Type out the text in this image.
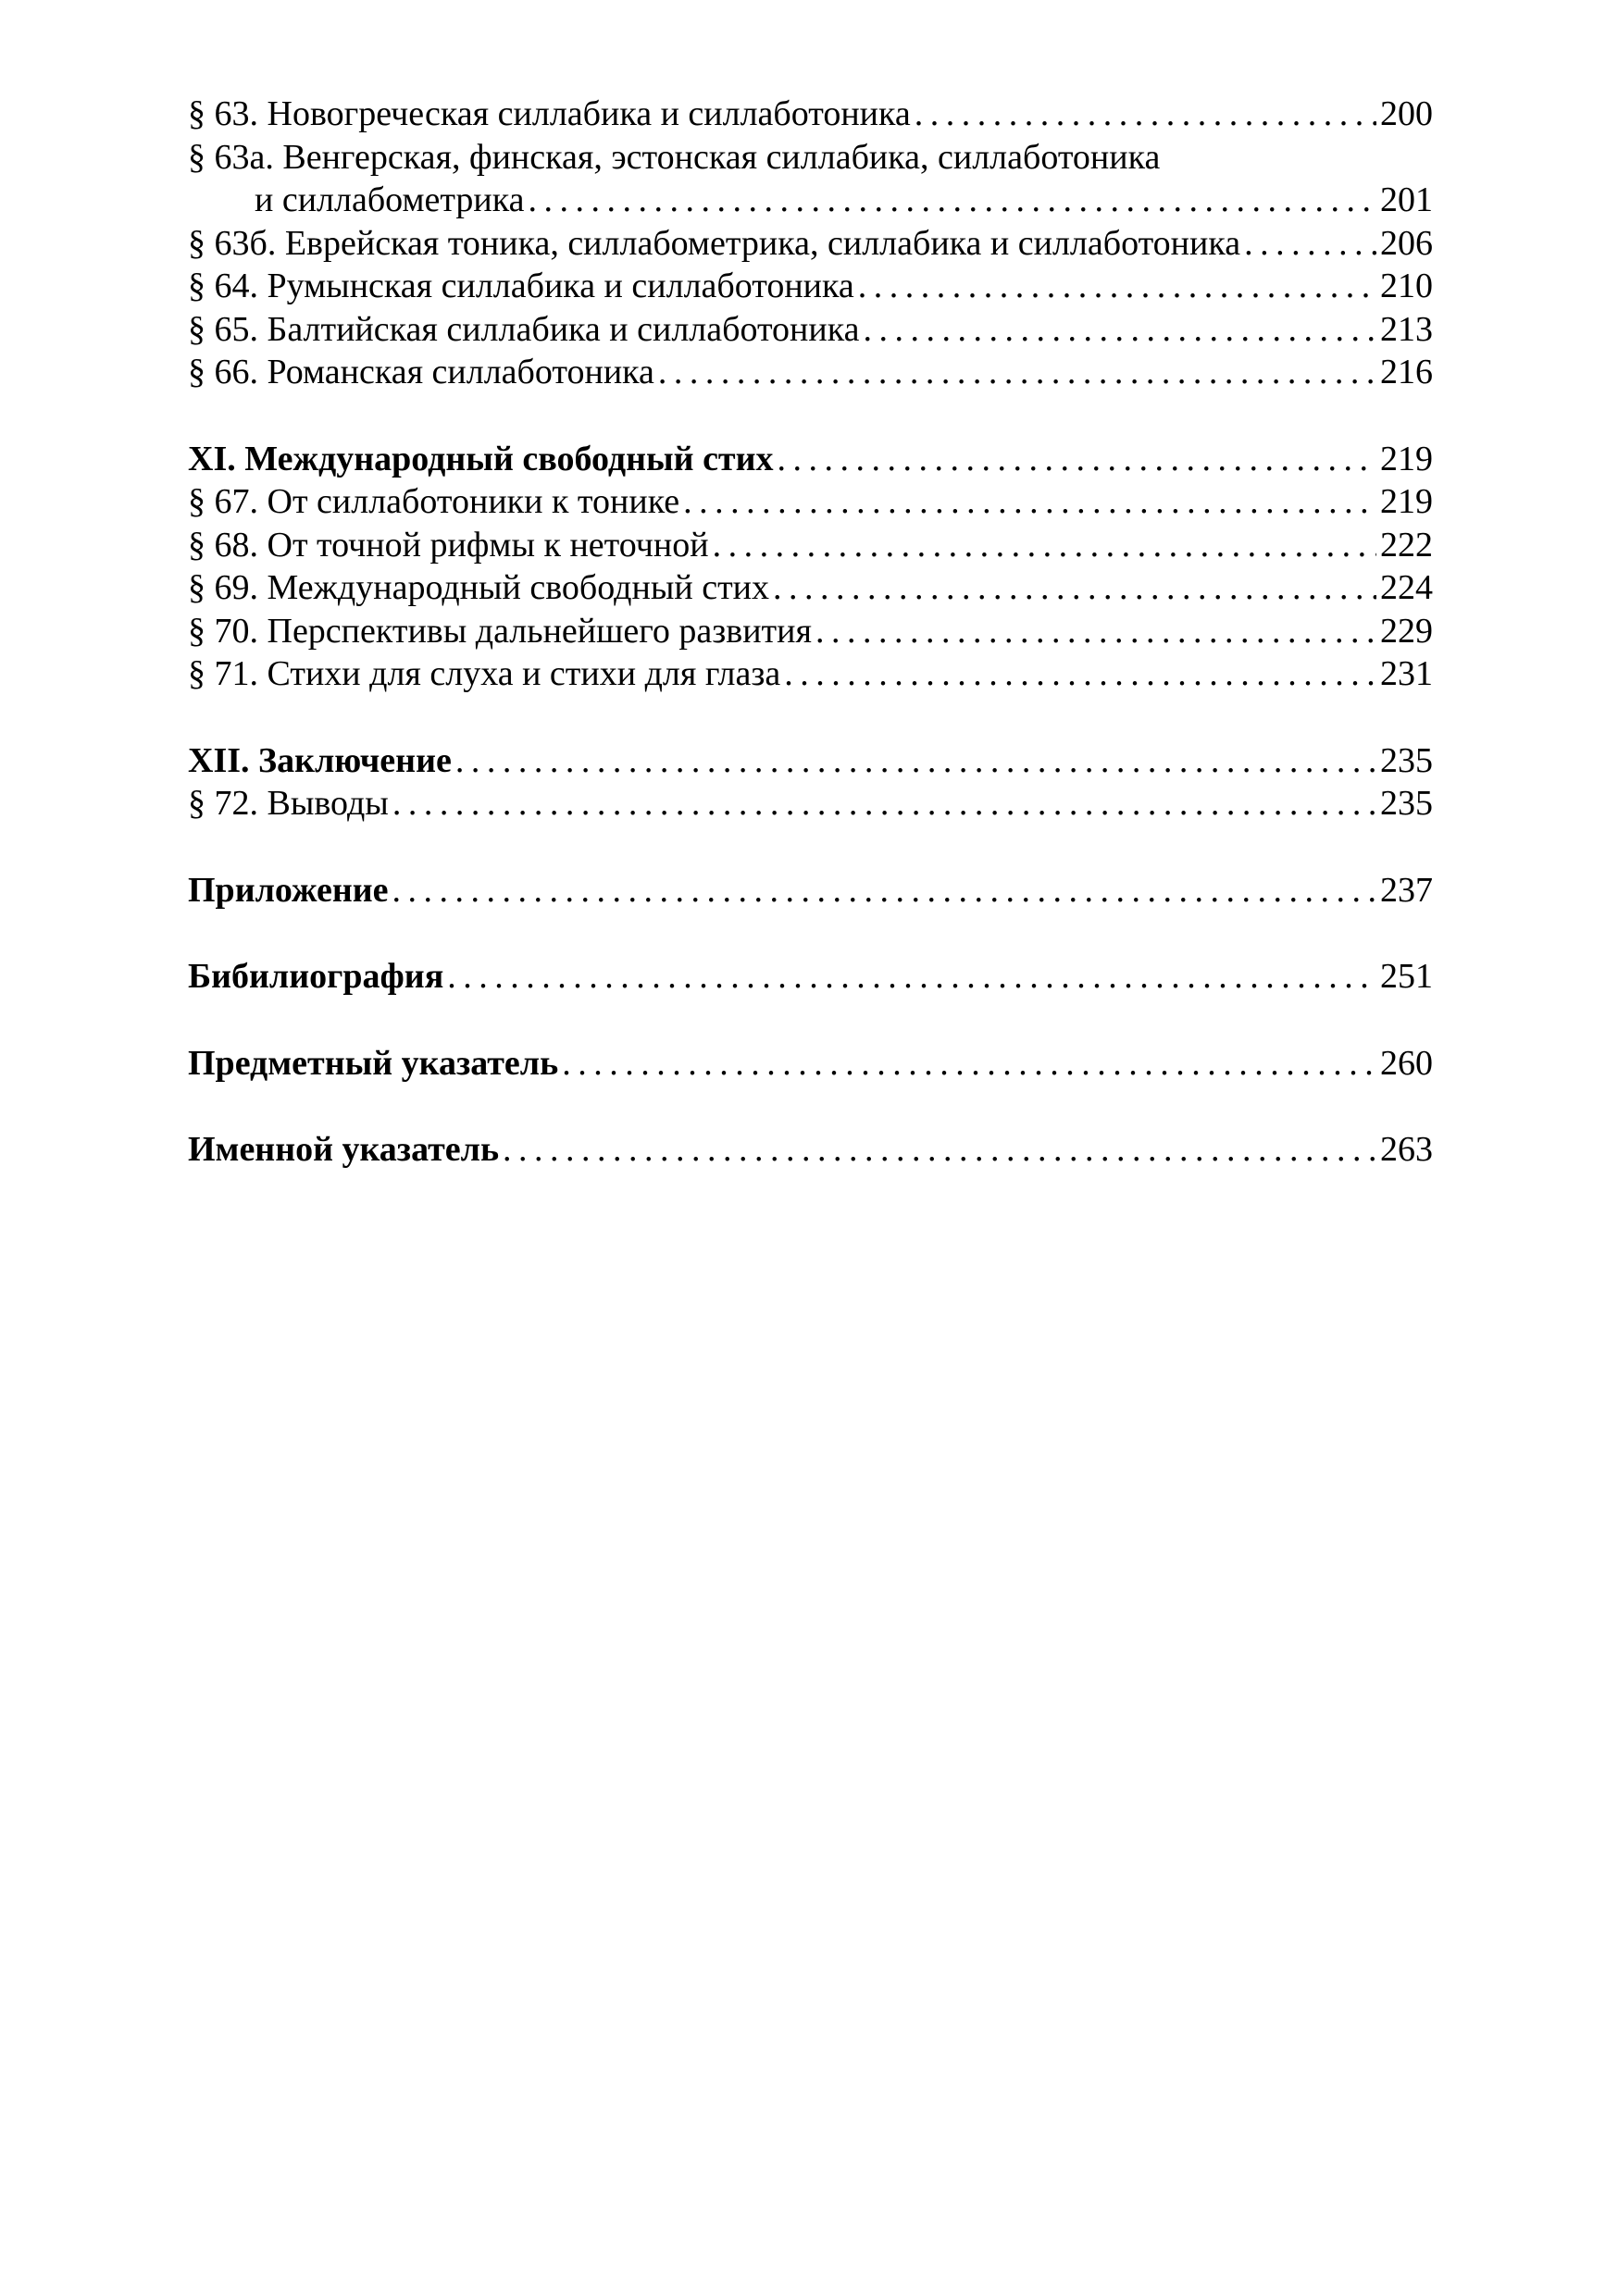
§ 63. Новогреческая силлабика и силлаботоника . . .	200
§ 63а. Венгерская, финская, эстонская силлабика, силлаботоника
и силлабометрика . . .	201
§ 63б. Еврейская тоника, силлабометрика, силлабика и силлаботоника . . .	206
§ 64. Румынская силлабика и силлаботоника . . .	210
§ 65. Балтийская силлабика и силлаботоника . . .	213
§ 66. Романская силлаботоника . . .	216
XI. Международный свободный стих . . .	219
§ 67. От силлаботоники к тонике . . .	219
§ 68. От точной рифмы к неточной . . .	222
§ 69. Международный свободный стих . . .	224
§ 70. Перспективы дальнейшего развития . . .	229
§ 71. Стихи для слуха и стихи для глаза . . .	231
XII. Заключение . . .	235
§ 72. Выводы . . .	235
Приложение . . .	237
Бибилиография . . .	251
Предметный указатель . . .	260
Именной указатель . . .	263
